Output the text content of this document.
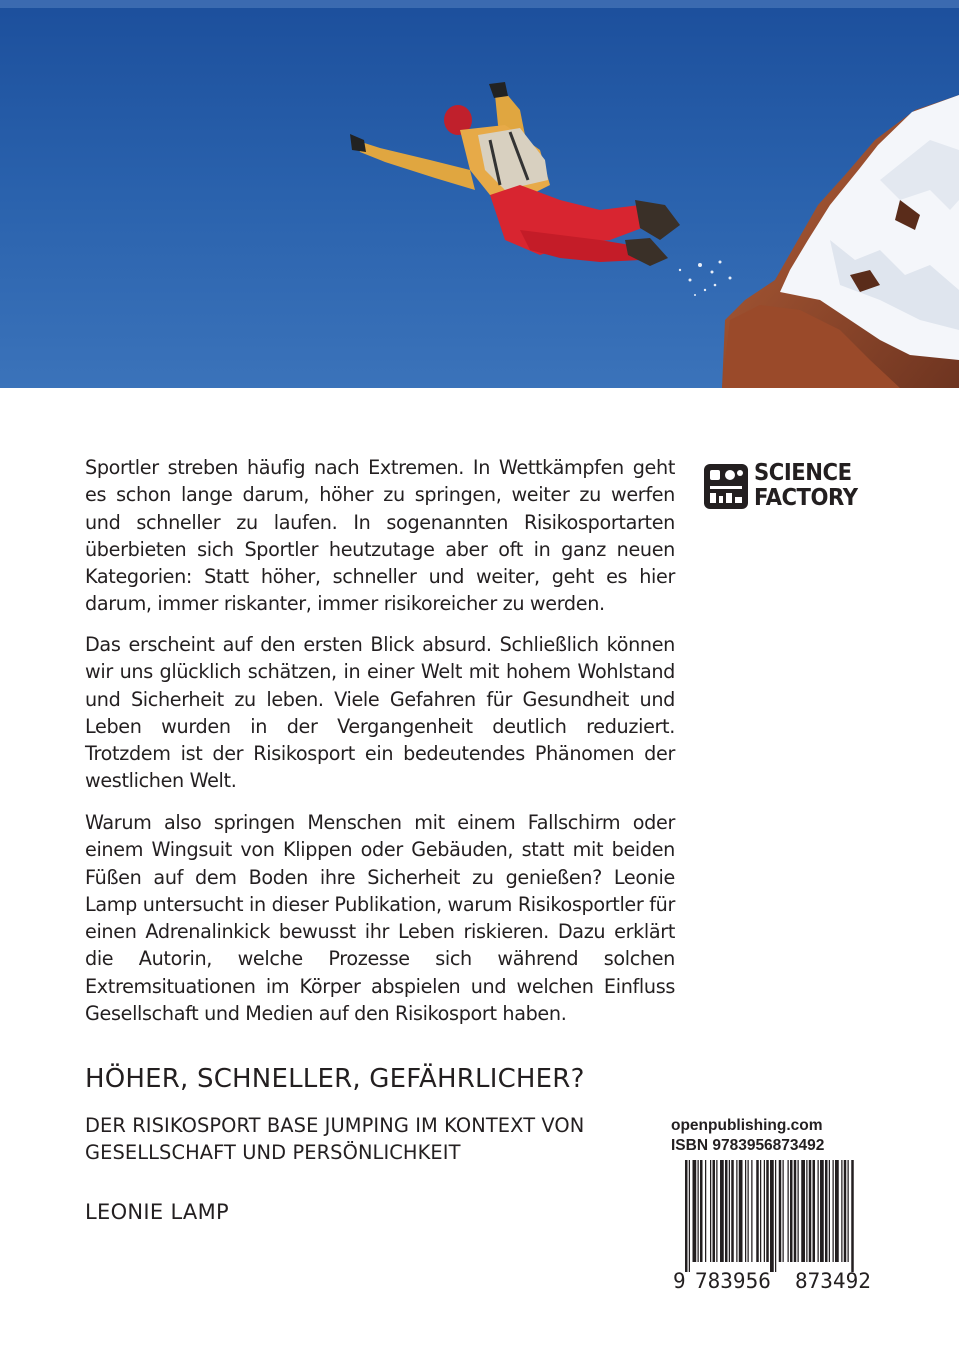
Sportler streben häufig nach Extremen. In Wettkämpfen geht es schon lange darum, höher zu springen, weiter zu werfen und schneller zu laufen. In sogenannten Risikosportarten überbieten sich Sportler heutzutage aber oft in ganz neuen Kategorien: Statt höher, schneller und weiter, geht es hier darum, immer riskanter, immer risikoreicher zu werden.

Das erscheint auf den ersten Blick absurd. Schließlich können wir uns glücklich schätzen, in einer Welt mit hohem Wohlstand und Sicherheit zu leben. Viele Gefahren für Gesundheit und Leben wurden in der Vergangenheit deutlich reduziert. Trotzdem ist der Risikosport ein bedeutendes Phänomen der westlichen Welt.

Warum also springen Menschen mit einem Fallschirm oder einem Wingsuit von Klippen oder Gebäuden, statt mit beiden Füßen auf dem Boden ihre Sicherheit zu genießen? Leonie Lamp untersucht in dieser Publikation, warum Risikosportler für einen Adrenalinkick bewusst ihr Leben riskieren. Dazu erklärt die Autorin, welche Prozesse sich während solchen Extremsituationen im Körper abspielen und welchen Einfluss Gesellschaft und Medien auf den Risikosport haben.

SCIENCE
FACTORY
HÖHER, SCHNELLER, GEFÄHRLICHER?

DER RISIKOSPORT BASE JUMPING IM KONTEXT VON GESELLSCHAFT UND PERSÖNLICHKEIT

LEONIE LAMP

openpublishing.com
ISBN 9783956873492
9 783956 873492
